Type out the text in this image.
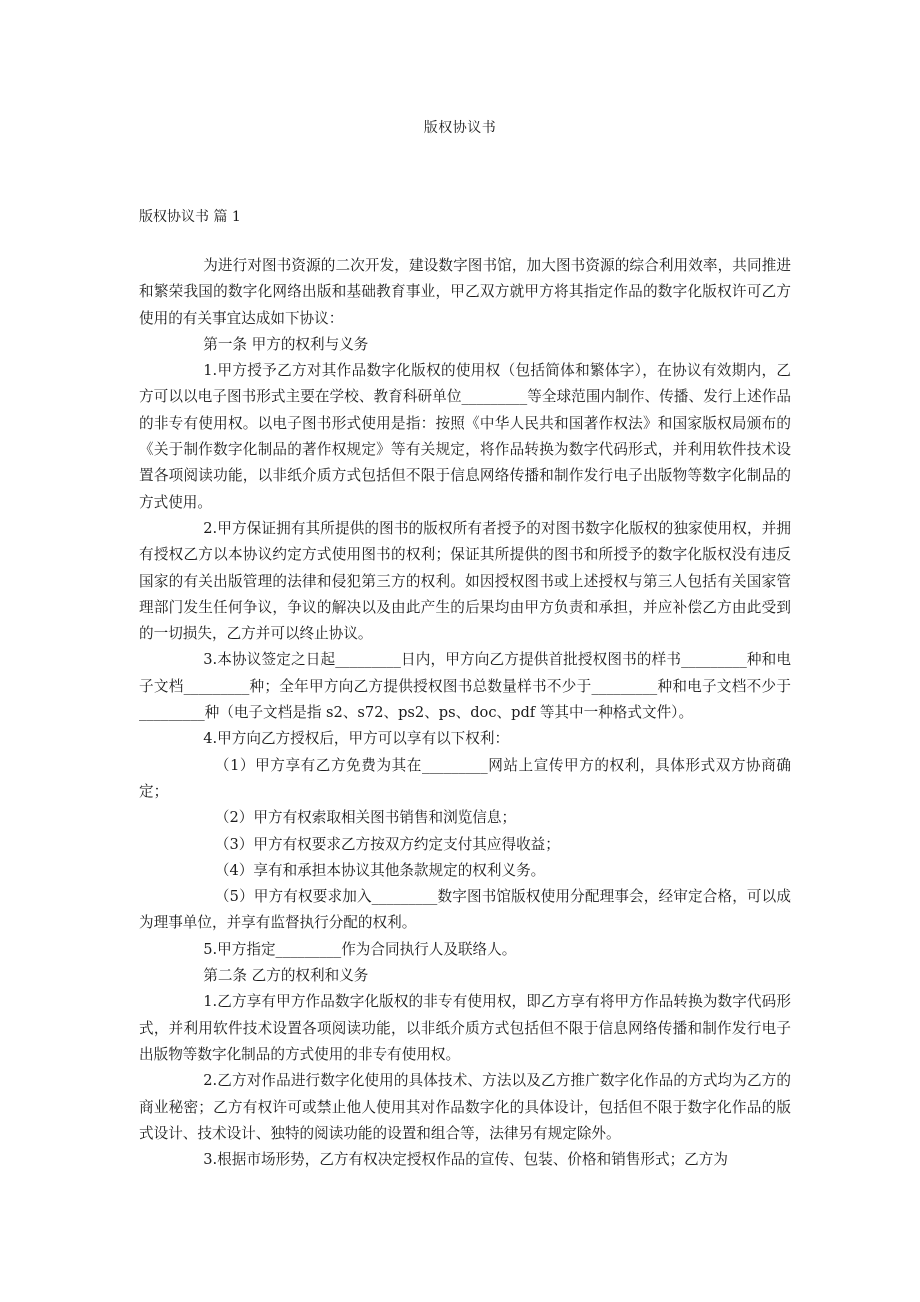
版权协议书
版权协议书 篇 1

为进行对图书资源的二次开发，建设数字图书馆，加大图书资源的综合利用效率，共同推进和繁荣我国的数字化网络出版和基础教育事业，甲乙双方就甲方将其指定作品的数字化版权许可乙方使用的有关事宜达成如下协议：

第一条 甲方的权利与义务

1.甲方授予乙方对其作品数字化版权的使用权（包括简体和繁体字），在协议有效期内，乙方可以以电子图书形式主要在学校、教育科研单位_________等全球范围内制作、传播、发行上述作品的非专有使用权。以电子图书形式使用是指：按照《中华人民共和国著作权法》和国家版权局颁布的《关于制作数字化制品的著作权规定》等有关规定，将作品转换为数字代码形式，并利用软件技术设置各项阅读功能，以非纸介质方式包括但不限于信息网络传播和制作发行电子出版物等数字化制品的方式使用。

2.甲方保证拥有其所提供的图书的版权所有者授予的对图书数字化版权的独家使用权，并拥有授权乙方以本协议约定方式使用图书的权利；保证其所提供的图书和所授予的数字化版权没有违反国家的有关出版管理的法律和侵犯第三方的权利。如因授权图书或上述授权与第三人包括有关国家管理部门发生任何争议，争议的解决以及由此产生的后果均由甲方负责和承担，并应补偿乙方由此受到的一切损失，乙方并可以终止协议。

3.本协议签定之日起_________日内，甲方向乙方提供首批授权图书的样书_________种和电子文档_________种；全年甲方向乙方提供授权图书总数量样书不少于_________种和电子文档不少于_________种（电子文档是指 s2、s72、ps2、ps、doc、pdf 等其中一种格式文件）。

4.甲方向乙方授权后，甲方可以享有以下权利：

（1）甲方享有乙方免费为其在_________网站上宣传甲方的权利，具体形式双方协商确定；

（2）甲方有权索取相关图书销售和浏览信息；

（3）甲方有权要求乙方按双方约定支付其应得收益；

（4）享有和承担本协议其他条款规定的权利义务。

（5）甲方有权要求加入_________数字图书馆版权使用分配理事会，经审定合格，可以成为理事单位，并享有监督执行分配的权利。

5.甲方指定_________作为合同执行人及联络人。

第二条 乙方的权利和义务

1.乙方享有甲方作品数字化版权的非专有使用权，即乙方享有将甲方作品转换为数字代码形式，并利用软件技术设置各项阅读功能，以非纸介质方式包括但不限于信息网络传播和制作发行电子出版物等数字化制品的方式使用的非专有使用权。

2.乙方对作品进行数字化使用的具体技术、方法以及乙方推广数字化作品的方式均为乙方的商业秘密；乙方有权许可或禁止他人使用其对作品数字化的具体设计，包括但不限于数字化作品的版式设计、技术设计、独特的阅读功能的设置和组合等，法律另有规定除外。

3.根据市场形势，乙方有权决定授权作品的宣传、包装、价格和销售形式；乙方为
